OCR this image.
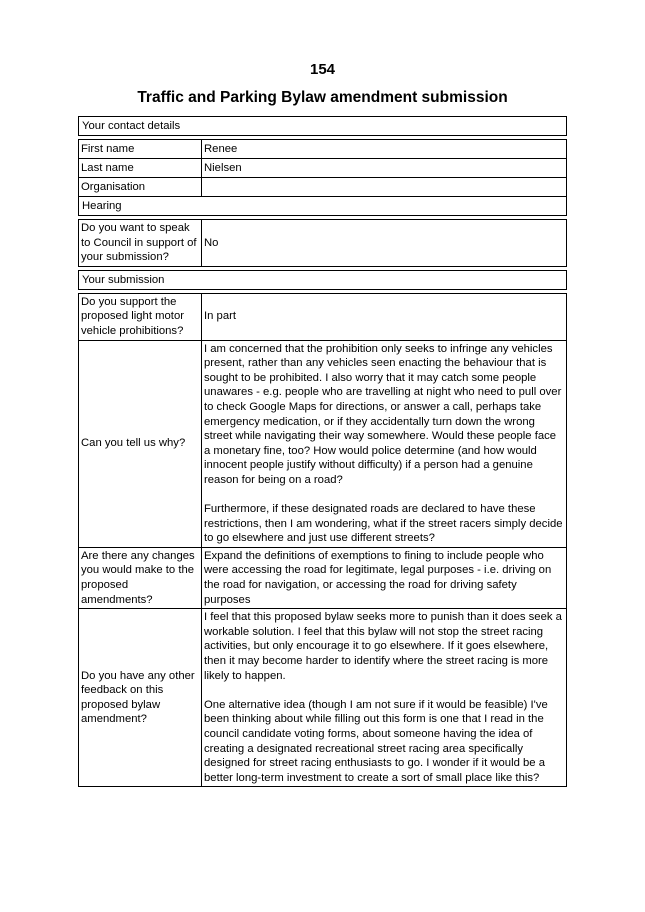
154
Traffic and Parking Bylaw amendment submission
Your contact details
First name	Renee
Last name	Nielsen
Organisation
Hearing
Do you want to speak to Council in support of your submission?
No
Your submission
Do you support the proposed light motor vehicle prohibitions?
In part
Can you tell us why?
I am concerned that the prohibition only seeks to infringe any vehicles present, rather than any vehicles seen enacting the behaviour that is sought to be prohibited. I also worry that it may catch some people unawares - e.g. people who are travelling at night who need to pull over to check Google Maps for directions, or answer a call, perhaps take emergency medication, or if they accidentally turn down the wrong street while navigating their way somewhere. Would these people face a monetary fine, too? How would police determine (and how would innocent people justify without difficulty) if a person had a genuine reason for being on a road?

Furthermore, if these designated roads are declared to have these restrictions, then I am wondering, what if the street racers simply decide to go elsewhere and just use different streets?
Are there any changes you would make to the proposed amendments?
Expand the definitions of exemptions to fining to include people who were accessing the road for legitimate, legal purposes - i.e. driving on the road for navigation, or accessing the road for driving safety purposes
Do you have any other feedback on this proposed bylaw amendment?
I feel that this proposed bylaw seeks more to punish than it does seek a workable solution. I feel that this bylaw will not stop the street racing activities, but only encourage it to go elsewhere. If it goes elsewhere, then it may become harder to identify where the street racing is more likely to happen.

One alternative idea (though I am not sure if it would be feasible) I've been thinking about while filling out this form is one that I read in the council candidate voting forms, about someone having the idea of creating a designated recreational street racing area specifically designed for street racing enthusiasts to go. I wonder if it would be a better long-term investment to create a sort of small place like this?
